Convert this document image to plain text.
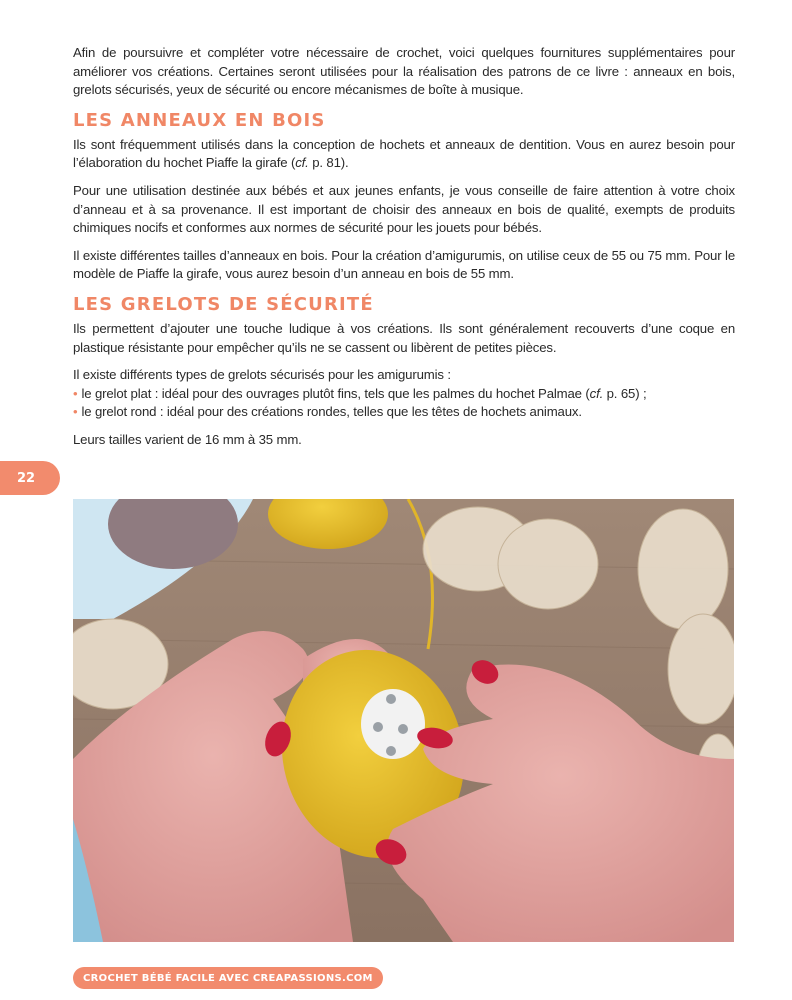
Afin de poursuivre et compléter votre nécessaire de crochet, voici quelques fournitures supplémentaires pour améliorer vos créations. Certaines seront utilisées pour la réalisation des patrons de ce livre : anneaux en bois, grelots sécurisés, yeux de sécurité ou encore mécanismes de boîte à musique.

LES ANNEAUX EN BOIS

Ils sont fréquemment utilisés dans la conception de hochets et anneaux de dentition. Vous en aurez besoin pour l’élaboration du hochet Piaffe la girafe (cf. p. 81).

Pour une utilisation destinée aux bébés et aux jeunes enfants, je vous conseille de faire attention à votre choix d’anneau et à sa provenance. Il est important de choisir des anneaux en bois de qualité, exempts de produits chimiques nocifs et conformes aux normes de sécurité pour les jouets pour bébés.

Il existe différentes tailles d’anneaux en bois. Pour la création d’amigurumis, on utilise ceux de 55 ou 75 mm. Pour le modèle de Piaffe la girafe, vous aurez besoin d’un anneau en bois de 55 mm.

LES GRELOTS DE SÉCURITÉ

Ils permettent d’ajouter une touche ludique à vos créations. Ils sont généralement recouverts d’une coque en plastique résistante pour empêcher qu’ils ne se cassent ou libèrent de petites pièces.

Il existe différents types de grelots sécurisés pour les amigurumis :

• le grelot plat : idéal pour des ouvrages plutôt fins, tels que les palmes du hochet Palmae (cf. p. 65) ;
• le grelot rond : idéal pour des créations rondes, telles que les têtes de hochets animaux.

Leurs tailles varient de 16 mm à 35 mm.

22
CROCHET BÉBÉ FACILE AVEC CREAPASSIONS.COM
